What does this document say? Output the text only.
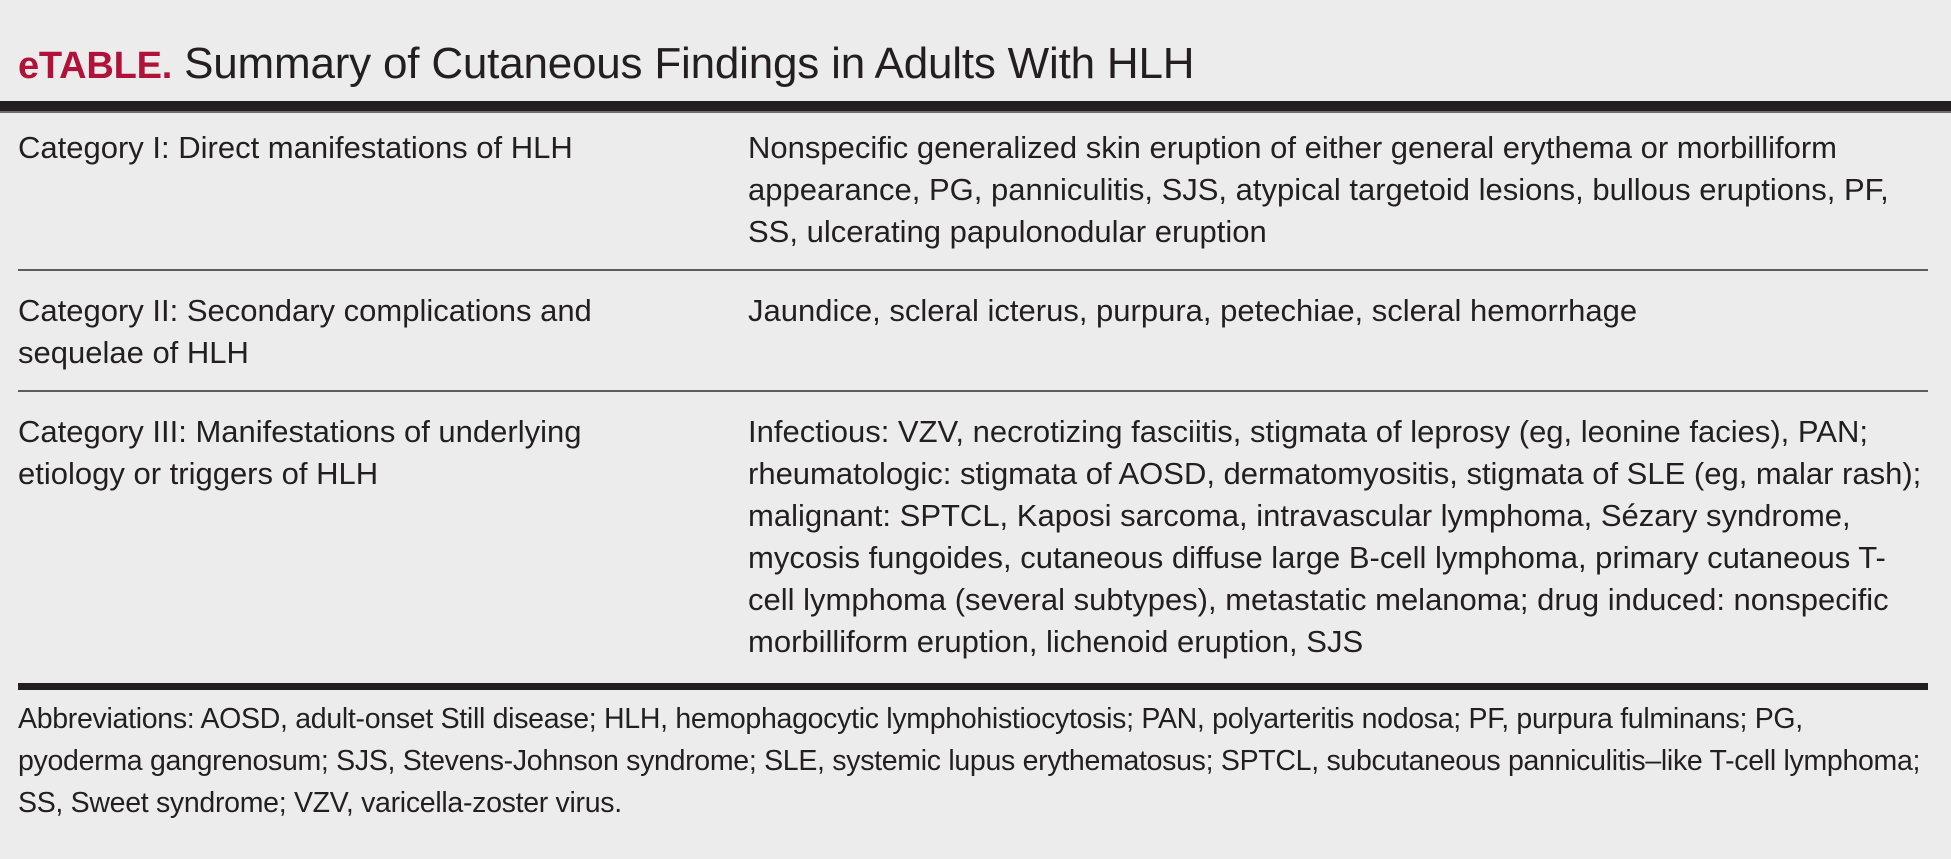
eTABLE. Summary of Cutaneous Findings in Adults With HLH
Category I: Direct manifestations of HLH	Nonspecific generalized skin eruption of either general erythema or morbilliform appearance, PG, panniculitis, SJS, atypical targetoid lesions, bullous eruptions, PF, SS, ulcerating papulonodular eruption
Category II: Secondary complications and sequelae of HLH
Jaundice, scleral icterus, purpura, petechiae, scleral hemorrhage
Category III: Manifestations of underlying etiology or triggers of HLH
Infectious: VZV, necrotizing fasciitis, stigmata of leprosy (eg, leonine facies), PAN; rheumatologic: stigmata of AOSD, dermatomyositis, stigmata of SLE (eg, malar rash); malignant: SPTCL, Kaposi sarcoma, intravascular lymphoma, Sézary syndrome, mycosis fungoides, cutaneous diffuse large B-cell lymphoma, primary cutaneous T-cell lymphoma (several subtypes), metastatic melanoma; drug induced: nonspecific morbilliform eruption, lichenoid eruption, SJS
Abbreviations: AOSD, adult-onset Still disease; HLH, hemophagocytic lymphohistiocytosis; PAN, polyarteritis nodosa; PF, purpura fulminans; PG, pyoderma gangrenosum; SJS, Stevens-Johnson syndrome; SLE, systemic lupus erythematosus; SPTCL, subcutaneous panniculitis–like T-cell lymphoma; SS, Sweet syndrome; VZV, varicella-zoster virus.
